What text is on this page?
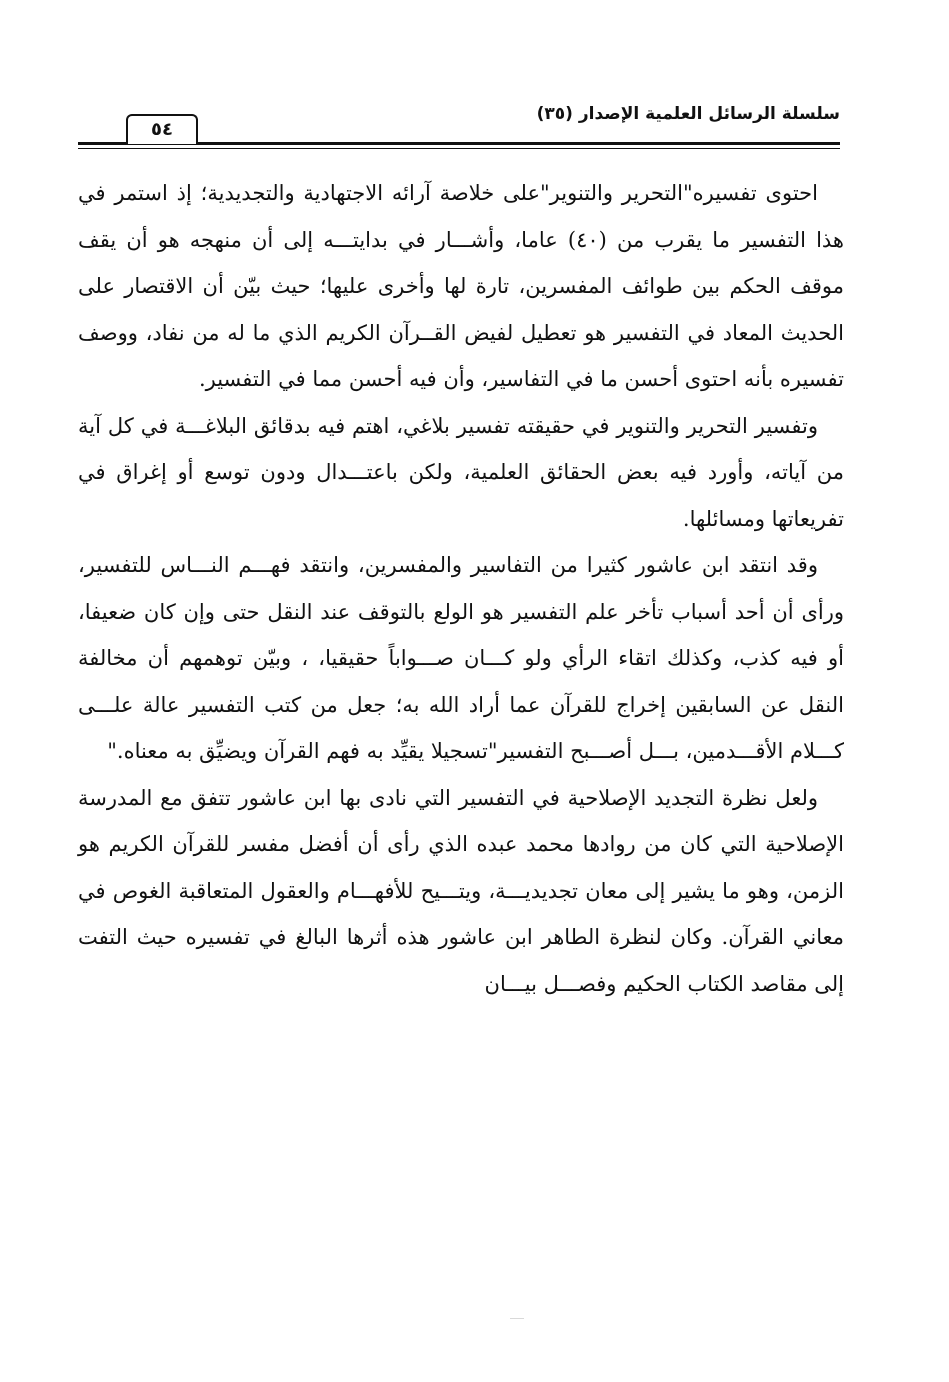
سلسلة الرسائل العلمية الإصدار (٣٥)
٥٤

احتوى تفسيره"التحرير والتنوير"على خلاصة آرائه الاجتهادية والتجديدية؛ إذ استمر في هذا التفسير ما يقرب من (٤٠) عاما، وأشـــار في بدايتـــه إلى أن منهجه هو أن يقف موقف الحكم بين طوائف المفسرين، تارة لها وأخرى عليها؛ حيث بيّن أن الاقتصار على الحديث المعاد في التفسير هو تعطيل لفيض القــرآن الكريم الذي ما له من نفاد، ووصف تفسيره بأنه احتوى أحسن ما في التفاسير، وأن فيه أحسن مما في التفسير.

وتفسير التحرير والتنوير في حقيقته تفسير بلاغي، اهتم فيه بدقائق البلاغـــة في كل آية من آياته، وأورد فيه بعض الحقائق العلمية، ولكن باعتـــدال ودون توسع أو إغراق في تفريعاتها ومسائلها.

وقد انتقد ابن عاشور كثيرا من التفاسير والمفسرين، وانتقد فهـــم النـــاس للتفسير، ورأى أن أحد أسباب تأخر علم التفسير هو الولع بالتوقف عند النقل حتى وإن كان ضعيفا، أو فيه كذب، وكذلك اتقاء الرأي ولو كـــان صـــواباً حقيقيا، ، وبيّن توهمهم أن مخالفة النقل عن السابقين إخراج للقرآن عما أراد الله به؛ جعل من كتب التفسير عالة علـــى كـــلام الأقـــدمين، بـــل أصـــبح التفسير"تسجيلا يقيِّد به فهم القرآن ويضيِّق به معناه."

ولعل نظرة التجديد الإصلاحية في التفسير التي نادى بها ابن عاشور تتفق مع المدرسة الإصلاحية التي كان من روادها محمد عبده الذي رأى أن أفضل مفسر للقرآن الكريم هو الزمن، وهو ما يشير إلى معان تجديديـــة، ويتـــيح للأفهـــام والعقول المتعاقبة الغوص في معاني القرآن. وكان لنظرة الطاهر ابن عاشور هذه أثرها البالغ في تفسيره حيث التفت إلى مقاصد الكتاب الحكيم وفصـــل بيـــان
